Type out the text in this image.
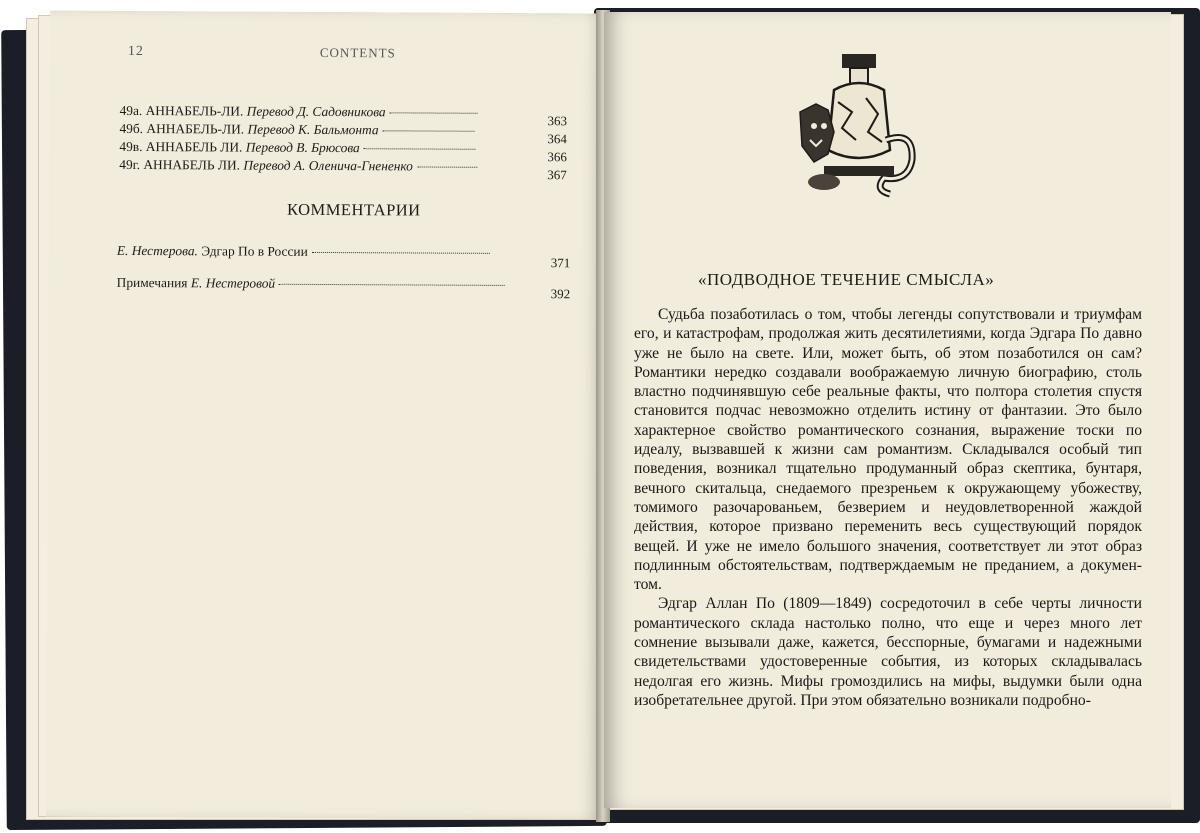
12	CONTENTS
49а. АННАБЕЛЬ-ЛИ. Перевод Д. Садовникова
363
49б. АННАБЕЛЬ-ЛИ. Перевод К. Бальмонта
364
49в. АННАБЕЛЬ ЛИ. Перевод В. Брюсова
366
49г. АННАБЕЛЬ ЛИ. Перевод А. Оленича-Гнененко
367
КОММЕНТАРИИ
Е. Нестерова. Эдгар По в России
371
Примечания Е. Нестеровой
392
«ПОДВОДНОЕ ТЕЧЕНИЕ СМЫСЛА»

Судьба позаботилась о том, чтобы легенды сопутствовали и триумфам его, и катастрофам, продолжая жить десятилетиями, когда Эдгара По давно уже не было на свете. Или, может быть, об этом позаботился он сам? Романтики нередко создавали воображаемую личную биографию, столь властно подчинявшую себе реальные факты, что полтора столетия спустя становится подчас невозможно отделить истину от фантазии. Это было характерное свойство романтического сознания, выражение тоски по идеалу, вызвавшей к жизни сам романтизм. Складывался особый тип поведения, возникал тщательно продуманный образ скептика, бунтаря, вечного скитальца, снедаемого презреньем к окружающему убожеству, томимого разочарованьем, безверием и неудовлетворенной жаждой действия, которое призвано переменить весь существующий порядок вещей. И уже не имело большого значения, соответствует ли этот образ подлинным обстоятельствам, подтверждаемым не преданием, а документом.

Эдгар Аллан По (1809—1849) сосредоточил в себе черты личности романтического склада настолько полно, что еще и через много лет сомнение вызывали даже, кажется, бесспорные, бумагами и надежными свидетельствами удостоверенные события, из которых складывалась недолгая его жизнь. Мифы громоздились на мифы, выдумки были одна изобретательнее другой. При этом обязательно возникали подробно-
